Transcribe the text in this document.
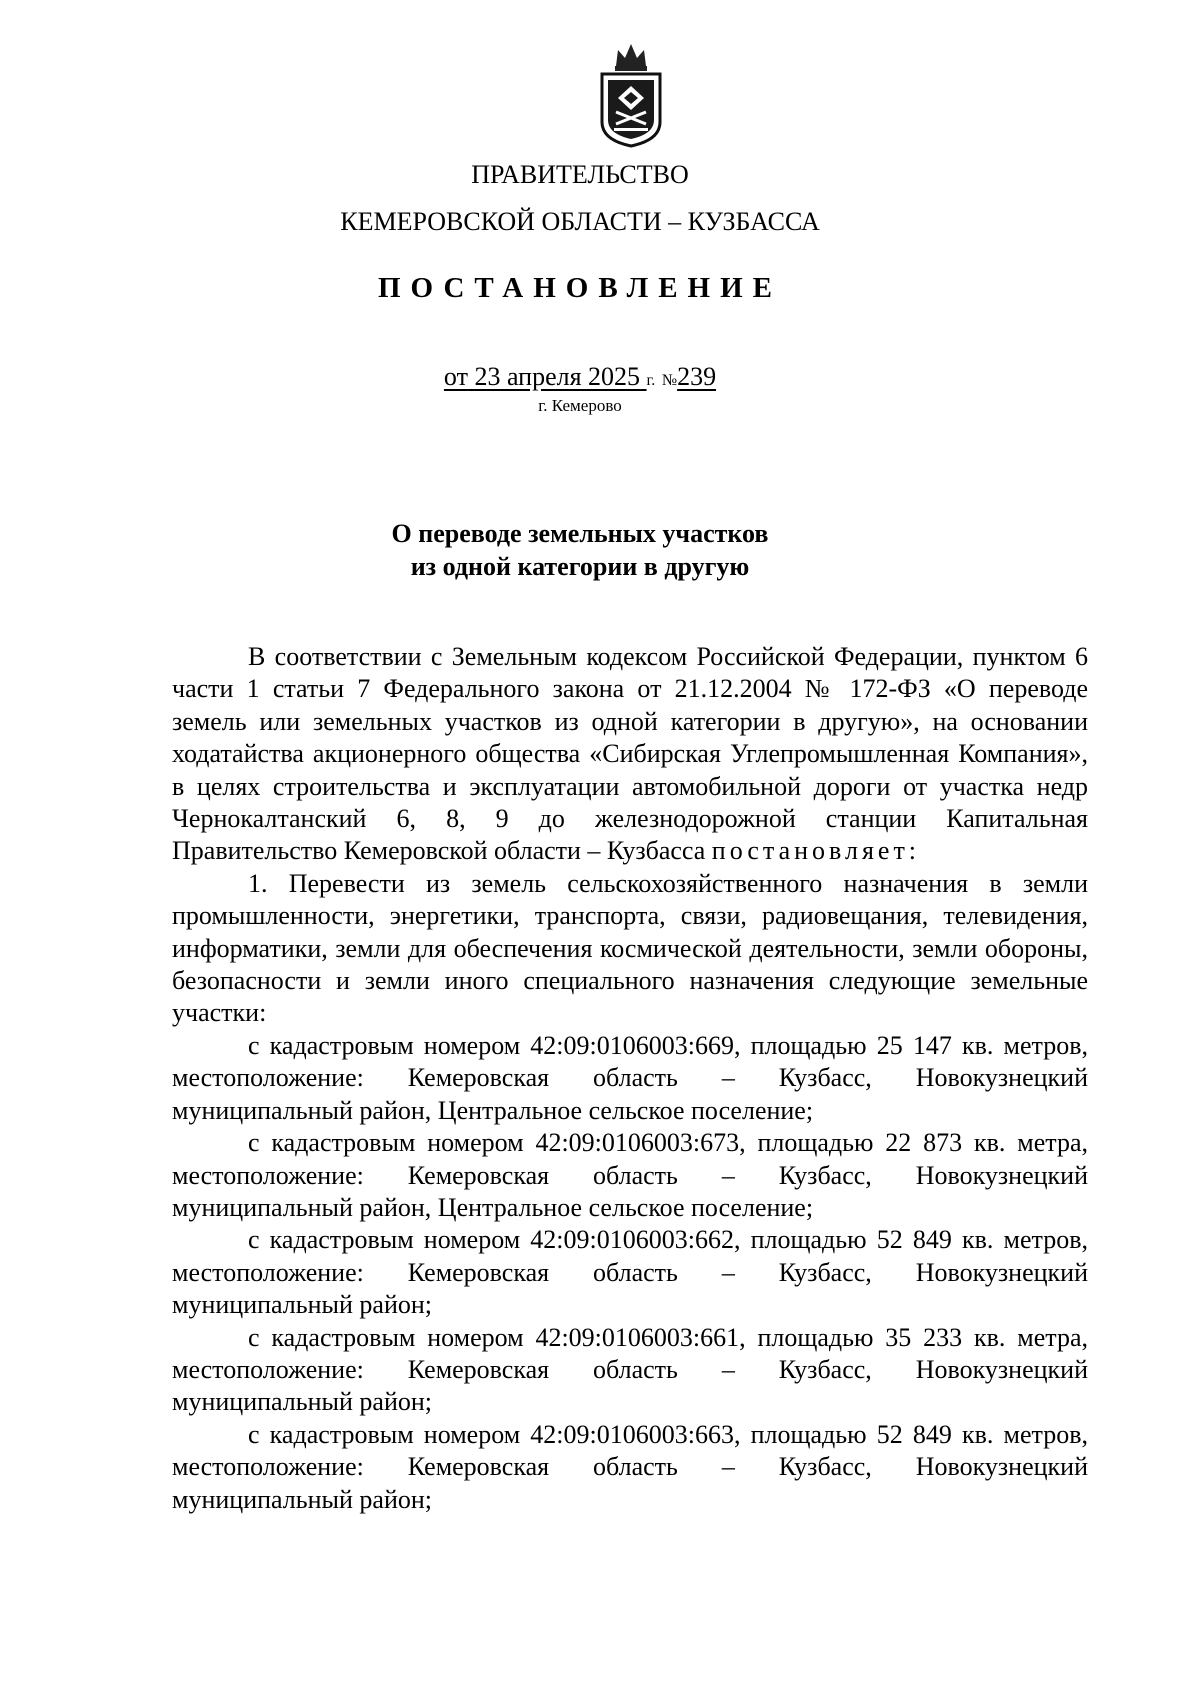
ПРАВИТЕЛЬСТВО
КЕМЕРОВСКОЙ ОБЛАСТИ – КУЗБАССА
ПОСТАНОВЛЕНИЕ
от 23 апреля 2025 г. №239
г. Кемерово
О переводе земельных участков
из одной категории в другую

В соответствии с Земельным кодексом Российской Федерации, пунктом 6 части 1 статьи 7 Федерального закона от 21.12.2004 № 172-ФЗ «О переводе земель или земельных участков из одной категории в другую», на основании ходатайства акционерного общества «Сибирская Углепромышленная Компания», в целях строительства и эксплуатации автомобильной дороги от участка недр Чернокалтанский 6, 8, 9 до железнодорожной станции Капитальная Правительство Кемеровской области – Кузбасса постановляет:

1. Перевести из земель сельскохозяйственного назначения в земли промышленности, энергетики, транспорта, связи, радиовещания, телевидения, информатики, земли для обеспечения космической деятельности, земли обороны, безопасности и земли иного специального назначения следующие земельные участки:

с кадастровым номером 42:09:0106003:669, площадью 25 147 кв. метров, местоположение: Кемеровская область – Кузбасс, Новокузнецкий муниципальный район, Центральное сельское поселение;

с кадастровым номером 42:09:0106003:673, площадью 22 873 кв. метра, местоположение: Кемеровская область – Кузбасс, Новокузнецкий муниципальный район, Центральное сельское поселение;

с кадастровым номером 42:09:0106003:662, площадью 52 849 кв. метров, местоположение: Кемеровская область – Кузбасс, Новокузнецкий муниципальный район;

с кадастровым номером 42:09:0106003:661, площадью 35 233 кв. метра, местоположение: Кемеровская область – Кузбасс, Новокузнецкий муниципальный район;

с кадастровым номером 42:09:0106003:663, площадью 52 849 кв. метров, местоположение: Кемеровская область – Кузбасс, Новокузнецкий муниципальный район;
